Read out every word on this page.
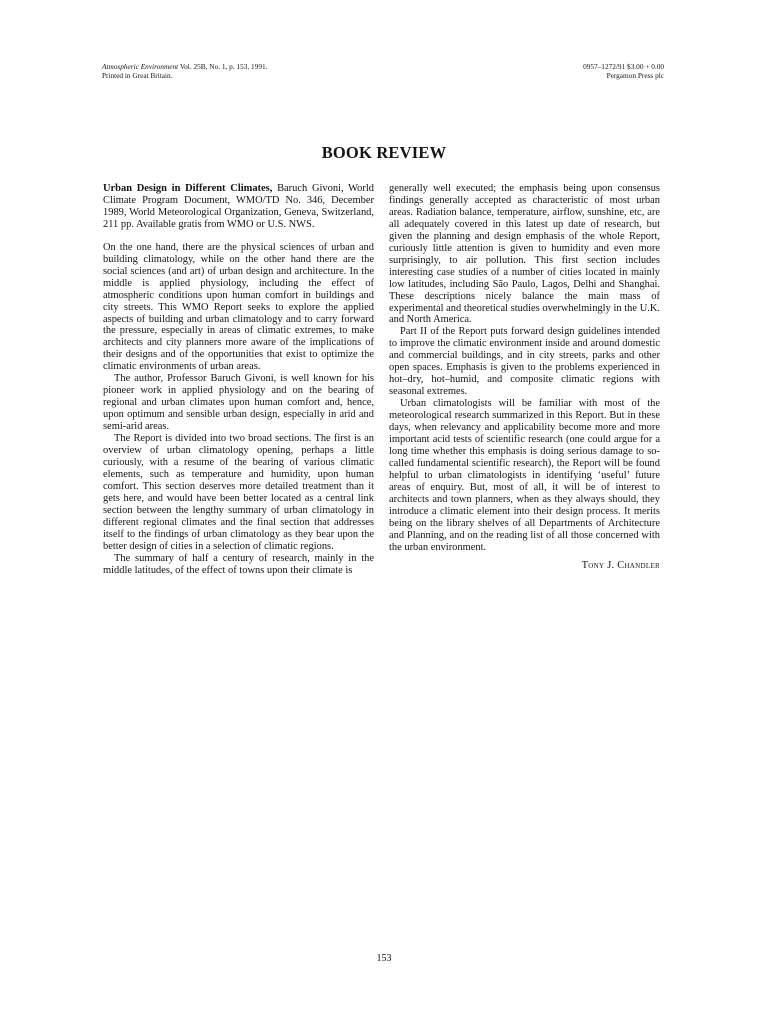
Atmospheric Environment Vol. 25B, No. 1, p. 153, 1991.
Printed in Great Britain.
0957–1272/91 $3.00 + 0.00
Pergamon Press plc
BOOK REVIEW

Urban Design in Different Climates, Baruch Givoni, World Climate Program Document, WMO/TD No. 346, December 1989, World Meteorological Organization, Geneva, Switzerland, 211 pp. Available gratis from WMO or U.S. NWS.

On the one hand, there are the physical sciences of urban and building climatology, while on the other hand there are the social sciences (and art) of urban design and architecture. In the middle is applied physiology, including the effect of atmospheric conditions upon human comfort in buildings and city streets. This WMO Report seeks to explore the applied aspects of building and urban climatology and to carry forward the pressure, especially in areas of climatic extremes, to make architects and city planners more aware of the implications of their designs and of the opportunities that exist to optimize the climatic environments of urban areas.

The author, Professor Baruch Givoni, is well known for his pioneer work in applied physiology and on the bearing of regional and urban climates upon human comfort and, hence, upon optimum and sensible urban design, especially in arid and semi-arid areas.

The Report is divided into two broad sections. The first is an overview of urban climatology opening, perhaps a little curiously, with a resume of the bearing of various climatic elements, such as temperature and humidity, upon human comfort. This section deserves more detailed treatment than it gets here, and would have been better located as a central link section between the lengthy summary of urban climatology in different regional climates and the final section that addresses itself to the findings of urban climatology as they bear upon the better design of cities in a selection of climatic regions.

The summary of half a century of research, mainly in the middle latitudes, of the effect of towns upon their climate is

generally well executed; the emphasis being upon consensus findings generally accepted as characteristic of most urban areas. Radiation balance, temperature, airflow, sunshine, etc, are all adequately covered in this latest up date of research, but given the planning and design emphasis of the whole Report, curiously little attention is given to humidity and even more surprisingly, to air pollution. This first section includes interesting case studies of a number of cities located in mainly low latitudes, including São Paulo, Lagos, Delhi and Shanghai. These descriptions nicely balance the main mass of experimental and theoretical studies overwhelmingly in the U.K. and North America.

Part II of the Report puts forward design guidelines intended to improve the climatic environment inside and around domestic and commercial buildings, and in city streets, parks and other open spaces. Emphasis is given to the problems experienced in hot–dry, hot–humid, and composite climatic regions with seasonal extremes.

Urban climatologists will be familiar with most of the meteorological research summarized in this Report. But in these days, when relevancy and applicability become more and more important acid tests of scientific research (one could argue for a long time whether this emphasis is doing serious damage to so-called fundamental scientific research), the Report will be found helpful to urban climatologists in identifying ‘useful’ future areas of enquiry. But, most of all, it will be of interest to architects and town planners, when as they always should, they introduce a climatic element into their design process. It merits being on the library shelves of all Departments of Architecture and Planning, and on the reading list of all those concerned with the urban environment.

Tony J. Chandler
153
